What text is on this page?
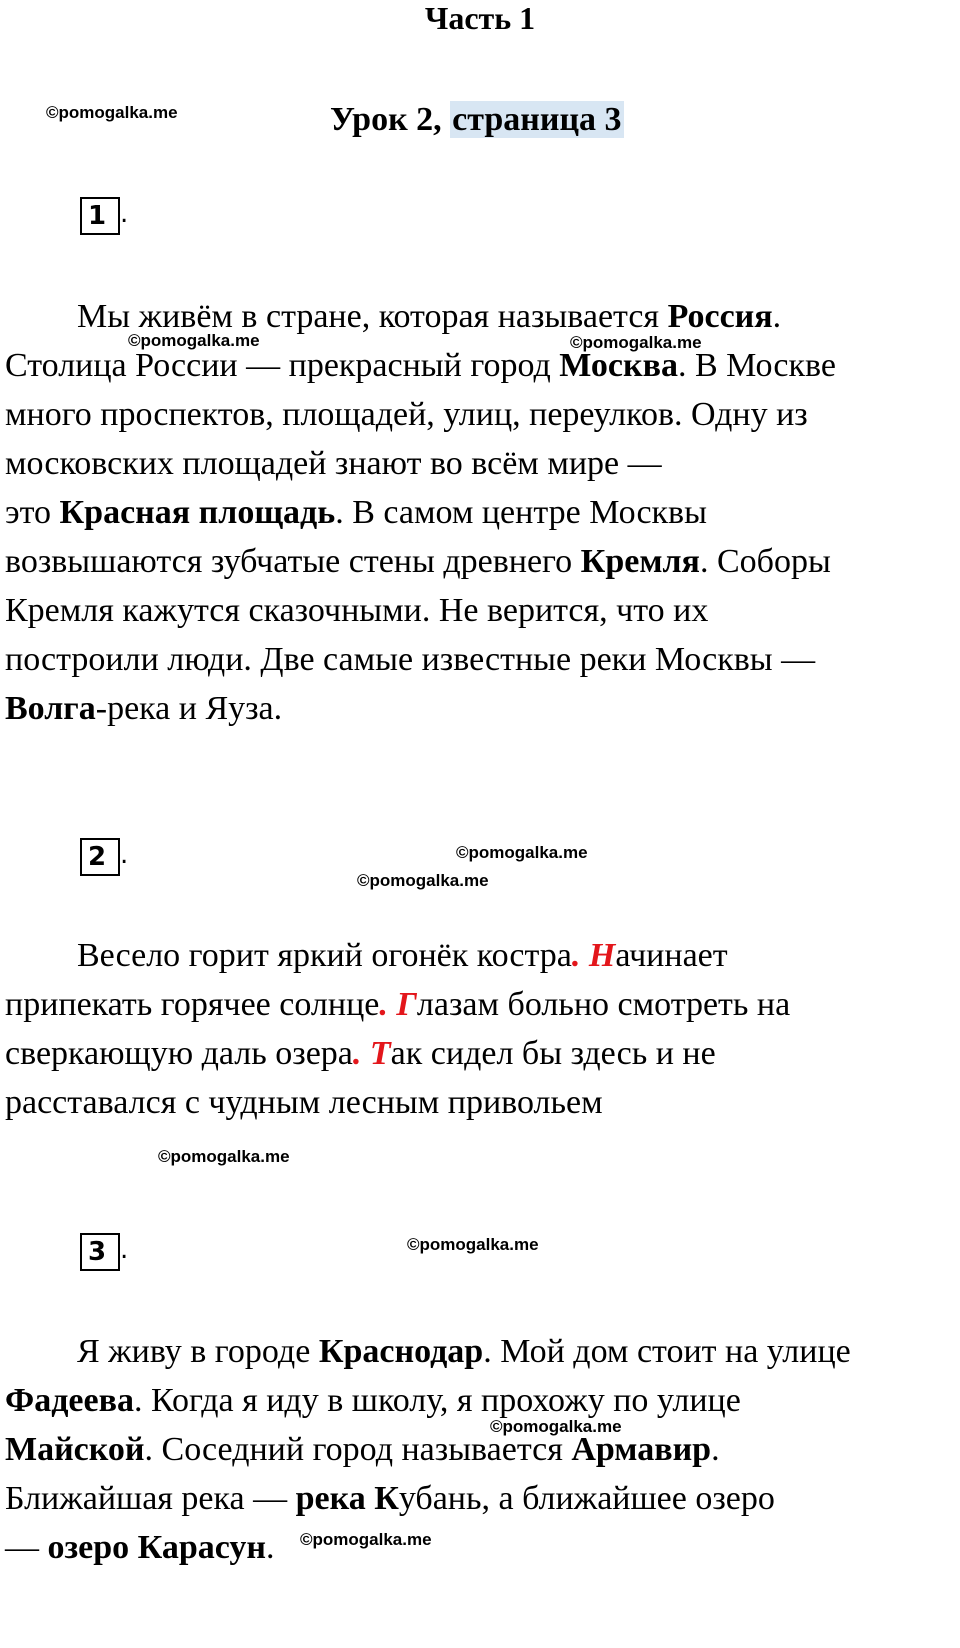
Часть 1
Урок 2, страница 3
©pomogalka.me
©pomogalka.me	©pomogalka.me
©pomogalka.me
©pomogalka.me
©pomogalka.me
©pomogalka.me
©pomogalka.me
©pomogalka.me
1 .
Мы живём в стране, которая называется Россия.
Столица России — прекрасный город Москва. В Москве
много проспектов, площадей, улиц, переулков. Одну из
московских площадей знают во всём мире —
это Красная площадь. В самом центре Москвы
возвышаются зубчатые стены древнего Кремля. Соборы
Кремля кажутся сказочными. Не верится, что их
построили люди. Две самые известные реки Москвы —
Волга-река и Яуза.
2 .
Весело горит яркий огонёк костра. Начинает
припекать горячее солнце. Глазам больно смотреть на
сверкающую даль озера. Так сидел бы здесь и не
расставался с чудным лесным привольем
3 .
Я живу в городе Краснодар. Мой дом стоит на улице
Фадеева. Когда я иду в школу, я прохожу по улице
Майской. Соседний город называется Армавир.
Ближайшая река — река Кубань, а ближайшее озеро
— озеро Карасун.
